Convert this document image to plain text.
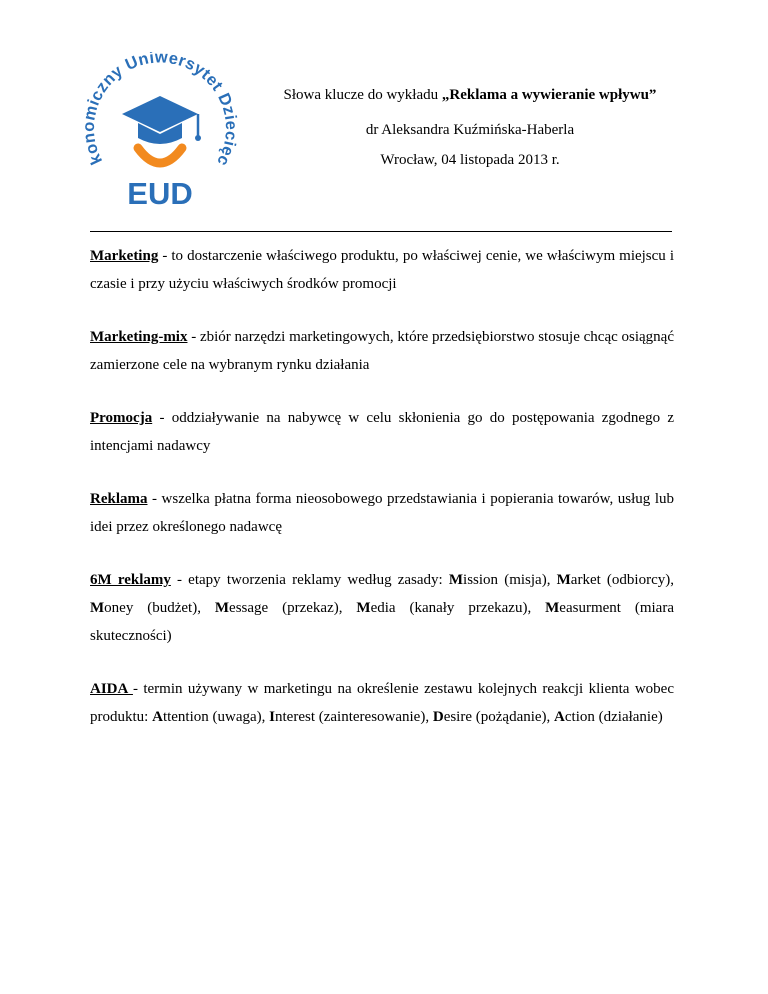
konomiczny Uniwersytet Dziecięc
EUD
Słowa klucze do wykładu „Reklama a wywieranie wpływu”
dr Aleksandra Kuźmińska-Haberla
Wrocław, 04 listopada 2013 r.

Marketing - to dostarczenie właściwego produktu, po właściwej cenie, we właściwym miejscu i czasie i przy użyciu właściwych środków promocji

Marketing-mix - zbiór narzędzi marketingowych, które przedsiębiorstwo stosuje chcąc osiągnąć zamierzone cele na wybranym rynku działania

Promocja - oddziaływanie na nabywcę w celu skłonienia go do postępowania zgodnego z intencjami nadawcy

Reklama - wszelka płatna forma nieosobowego przedstawiania i popierania towarów, usług lub idei przez określonego nadawcę

6M reklamy - etapy tworzenia reklamy według zasady: Mission (misja), Market (odbiorcy), Money (budżet), Message (przekaz), Media (kanały przekazu), Measurment (miara skuteczności)

AIDA - termin używany w marketingu na określenie zestawu kolejnych reakcji klienta wobec produktu: Attention (uwaga), Interest (zainteresowanie), Desire (pożądanie), Action (działanie)
